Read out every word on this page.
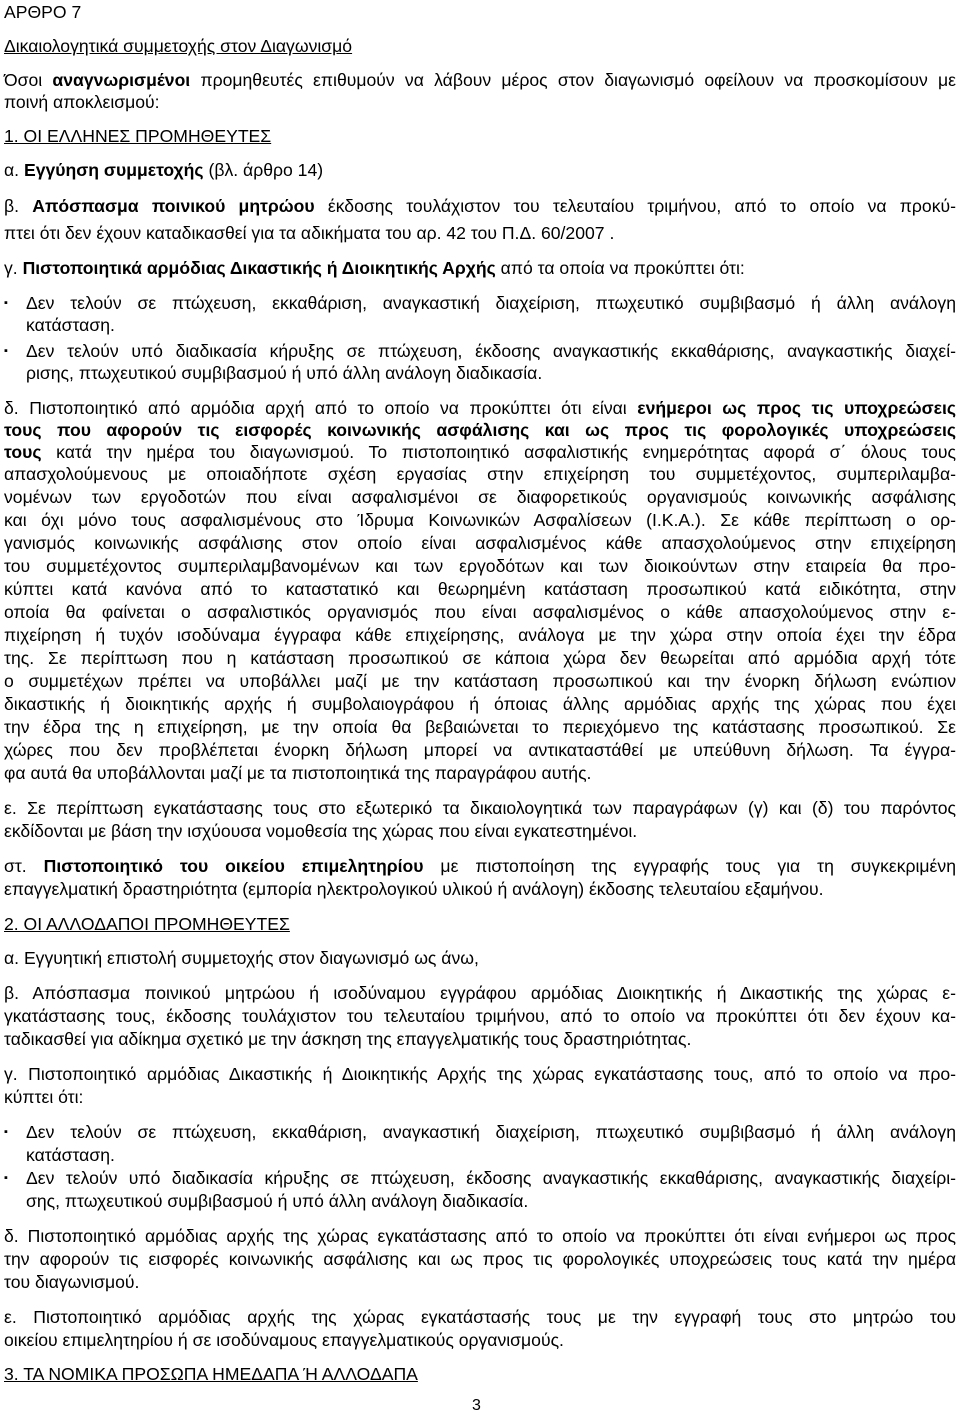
ΑΡΘΡΟ 7
Δικαιολογητικά συμμετοχής στον Διαγωνισμό
Όσοι αναγνωρισμένοι προμηθευτές επιθυμούν να λάβουν μέρος στον διαγωνισμό οφείλουν να προσκομίσουν με
ποινή αποκλεισμού:
1. ΟΙ ΕΛΛΗΝΕΣ ΠΡΟΜΗΘΕΥΤΕΣ
α. Εγγύηση συμμετοχής (βλ. άρθρο 14)
β. Απόσπασμα ποινικού μητρώου έκδοσης τουλάχιστον του τελευταίου τριμήνου, από το οποίο να προκύ-
πτει ότι δεν έχουν καταδικασθεί για τα αδικήματα του αρ. 42 του Π.Δ. 60/2007 .
γ. Πιστοποιητικά αρμόδιας Δικαστικής ή Διοικητικής Αρχής από τα οποία να προκύπτει ότι:
▪ Δεν τελούν σε πτώχευση, εκκαθάριση, αναγκαστική διαχείριση, πτωχευτικό συμβιβασμό ή άλλη ανάλογη
κατάσταση.
▪ Δεν τελούν υπό διαδικασία κήρυξης σε πτώχευση, έκδοσης αναγκαστικής εκκαθάρισης, αναγκαστικής διαχεί-
ρισης, πτωχευτικού συμβιβασμού ή υπό άλλη ανάλογη διαδικασία.
δ. Πιστοποιητικό από αρμόδια αρχή από το οποίο να προκύπτει ότι είναι ενήμεροι ως προς τις υποχρεώσεις
τους που αφορούν τις εισφορές κοινωνικής ασφάλισης και ως προς τις φορολογικές υποχρεώσεις
τους κατά την ημέρα του διαγωνισμού. Το πιστοποιητικό ασφαλιστικής ενημερότητας αφορά σ΄ όλους τους
απασχολούμενους με οποιαδήποτε σχέση εργασίας στην επιχείρηση του συμμετέχοντος, συμπεριλαμβα-
νομένων των εργοδοτών που είναι ασφαλισμένοι σε διαφορετικούς οργανισμούς κοινωνικής ασφάλισης
και όχι μόνο τους ασφαλισμένους στο Ίδρυμα Κοινωνικών Ασφαλίσεων (Ι.Κ.Α.). Σε κάθε περίπτωση ο ορ-
γανισμός κοινωνικής ασφάλισης στον οποίο είναι ασφαλισμένος κάθε απασχολούμενος στην επιχείρηση
του συμμετέχοντος συμπεριλαμβανομένων και των εργοδότων και των διοικούντων στην εταιρεία θα προ-
κύπτει κατά κανόνα από το καταστατικό και θεωρημένη κατάσταση προσωπικού κατά ειδικότητα, στην
οποία θα φαίνεται ο ασφαλιστικός οργανισμός που είναι ασφαλισμένος ο κάθε απασχολούμενος στην ε-
πιχείρηση ή τυχόν ισοδύναμα έγγραφα κάθε επιχείρησης, ανάλογα με την χώρα στην οποία έχει την έδρα
της. Σε περίπτωση που η κατάσταση προσωπικού σε κάποια χώρα δεν θεωρείται από αρμόδια αρχή τότε
ο συμμετέχων πρέπει να υποβάλλει μαζί με την κατάσταση προσωπικού και την ένορκη δήλωση ενώπιον
δικαστικής ή διοικητικής αρχής ή συμβολαιογράφου ή όποιας άλλης αρμόδιας αρχής της χώρας που έχει
την έδρα της η επιχείρηση, με την οποία θα βεβαιώνεται το περιεχόμενο της κατάστασης προσωπικού. Σε
χώρες που δεν προβλέπεται ένορκη δήλωση μπορεί να αντικαταστάθεί με υπεύθυνη δήλωση. Τα έγγρα-
φα αυτά θα υποβάλλονται μαζί με τα πιστοποιητικά της παραγράφου αυτής.
ε. Σε περίπτωση εγκατάστασης τους στο εξωτερικό τα δικαιολογητικά των παραγράφων (γ) και (δ) του παρόντος
εκδίδονται με βάση την ισχύουσα νομοθεσία της χώρας που είναι εγκατεστημένοι.
στ. Πιστοποιητικό του οικείου επιμελητηρίου με πιστοποίηση της εγγραφής τους για τη συγκεκριμένη
επαγγελματική δραστηριότητα (εμπορία ηλεκτρολογικού υλικού ή ανάλογη) έκδοσης τελευταίου εξαμήνου.
2. ΟΙ ΑΛΛΟΔΑΠΟΙ ΠΡΟΜΗΘΕΥΤΕΣ
α. Εγγυητική επιστολή συμμετοχής στον διαγωνισμό ως άνω,
β. Απόσπασμα ποινικού μητρώου ή ισοδύναμου εγγράφου αρμόδιας Διοικητικής ή Δικαστικής της χώρας ε-
γκατάστασης τους, έκδοσης τουλάχιστον του τελευταίου τριμήνου, από το οποίο να προκύπτει ότι δεν έχουν κα-
ταδικασθεί για αδίκημα σχετικό με την άσκηση της επαγγελματικής τους δραστηριότητας.
γ. Πιστοποιητικό αρμόδιας Δικαστικής ή Διοικητικής Αρχής της χώρας εγκατάστασης τους, από το οποίο να προ-
κύπτει ότι:
▪ Δεν τελούν σε πτώχευση, εκκαθάριση, αναγκαστική διαχείριση, πτωχευτικό συμβιβασμό ή άλλη ανάλογη
κατάσταση.
▪ Δεν τελούν υπό διαδικασία κήρυξης σε πτώχευση, έκδοσης αναγκαστικής εκκαθάρισης, αναγκαστικής διαχείρι-
σης, πτωχευτικού συμβιβασμού ή υπό άλλη ανάλογη διαδικασία.
δ. Πιστοποιητικό αρμόδιας αρχής της χώρας εγκατάστασης από το οποίο να προκύπτει ότι είναι ενήμεροι ως προς
την αφορούν τις εισφορές κοινωνικής ασφάλισης και ως προς τις φορολογικές υποχρεώσεις τους κατά την ημέρα
του διαγωνισμού.
ε. Πιστοποιητικό αρμόδιας αρχής της χώρας εγκατάστασής τους με την εγγραφή τους στο μητρώο του
οικείου επιμελητηρίου ή σε ισοδύναμους επαγγελματικούς οργανισμούς.
3. ΤΑ ΝΟΜΙΚΑ ΠΡΟΣΩΠΑ ΗΜΕΔΑΠΑ Ή ΑΛΛΟΔΑΠΑ
3
